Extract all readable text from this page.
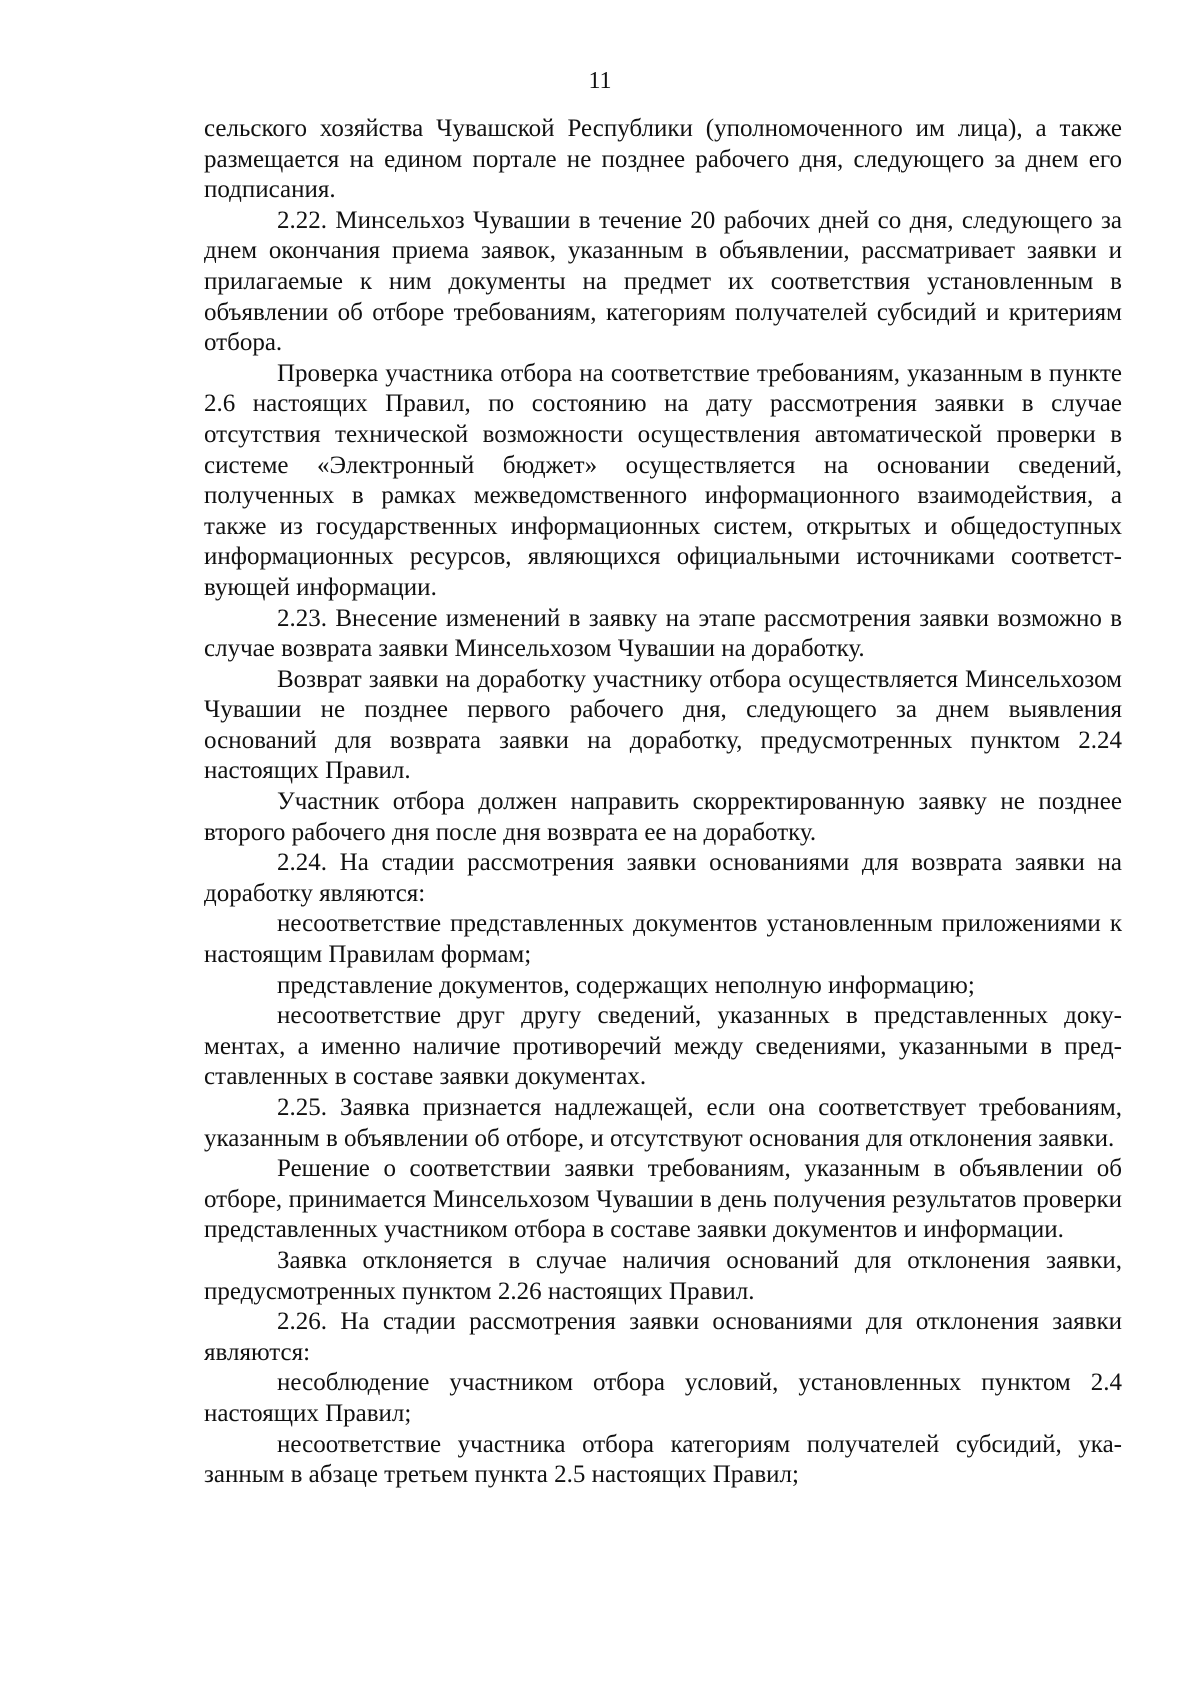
11

сельского хозяйства Чувашской Республики (уполномоченного им лица), а также размещается на едином портале не позднее рабочего дня, следующего за днем его подписания.

2.22. Минсельхоз Чувашии в течение 20 рабочих дней со дня, следующего за днем окончания приема заявок, указанным в объявлении, рассматривает заявки и прилагаемые к ним документы на предмет их соответствия установленным в объявлении об отборе требованиям, категориям получателей субсидий и критериям отбора.

Проверка участника отбора на соответствие требованиям, указанным в пункте 2.6 настоящих Правил, по состоянию на дату рассмотрения заявки в случае отсутствия технической возможности осуществления автоматической проверки в системе «Электронный бюджет» осуществляется на основании сведений, полученных в рамках межведомственного информационного взаимодействия, а также из государственных информационных систем, открытых и общедоступных информационных ресурсов, являющихся официальными источниками соответствующей информации.

2.23. Внесение изменений в заявку на этапе рассмотрения заявки возможно в случае возврата заявки Минсельхозом Чувашии на доработку.

Возврат заявки на доработку участнику отбора осуществляется Минсельхозом Чувашии не позднее первого рабочего дня, следующего за днем выявления оснований для возврата заявки на доработку, предусмотренных пунктом 2.24 настоящих Правил.

Участник отбора должен направить скорректированную заявку не позднее второго рабочего дня после дня возврата ее на доработку.

2.24. На стадии рассмотрения заявки основаниями для возврата заявки на доработку являются:

несоответствие представленных документов установленным приложениями к настоящим Правилам формам;

представление документов, содержащих неполную информацию;

несоответствие друг другу сведений, указанных в представленных документах, а именно наличие противоречий между сведениями, указанными в представленных в составе заявки документах.

2.25. Заявка признается надлежащей, если она соответствует требованиям, указанным в объявлении об отборе, и отсутствуют основания для отклонения заявки.

Решение о соответствии заявки требованиям, указанным в объявлении об отборе, принимается Минсельхозом Чувашии в день получения результатов проверки представленных участником отбора в составе заявки документов и информации.

Заявка отклоняется в случае наличия оснований для отклонения заявки, предусмотренных пунктом 2.26 настоящих Правил.

2.26. На стадии рассмотрения заявки основаниями для отклонения заявки являются:

несоблюдение участником отбора условий, установленных пунктом 2.4 настоящих Правил;

несоответствие участника отбора категориям получателей субсидий, указанным в абзаце третьем пункта 2.5 настоящих Правил;
